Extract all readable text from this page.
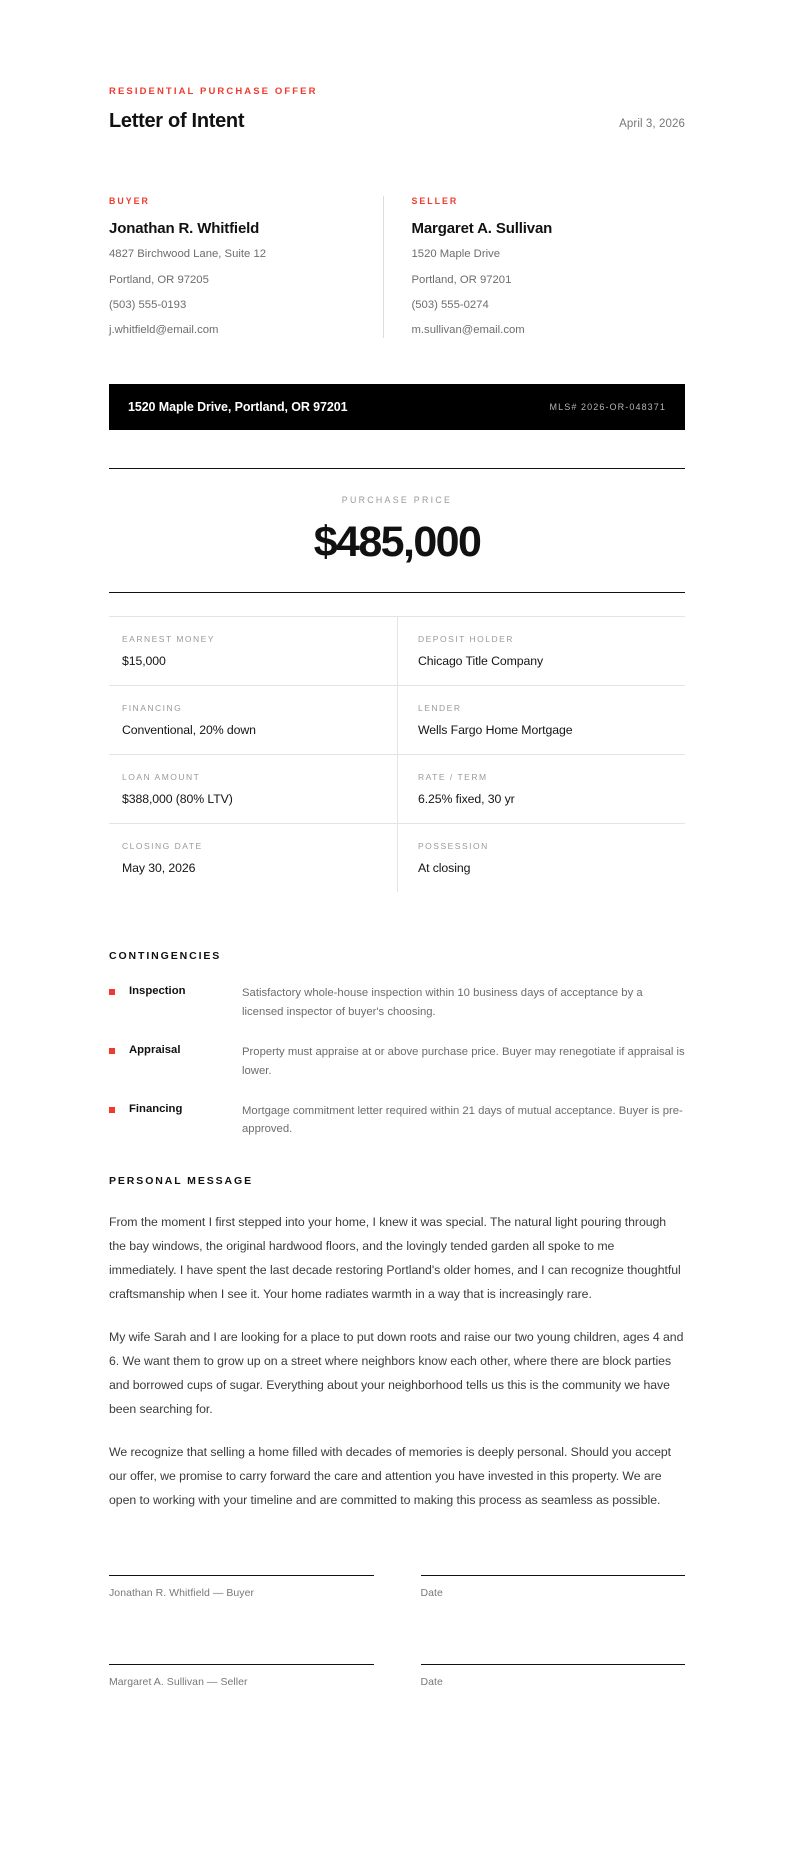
RESIDENTIAL PURCHASE OFFER
Letter of Intent	April 3, 2026
BUYER
Jonathan R. Whitfield
4827 Birchwood Lane, Suite 12
Portland, OR 97205
(503) 555-0193
j.whitfield@email.com
SELLER
Margaret A. Sullivan
1520 Maple Drive
Portland, OR 97201
(503) 555-0274
m.sullivan@email.com
1520 Maple Drive, Portland, OR 97201	MLS# 2026-OR-048371
PURCHASE PRICE
$485,000
EARNEST MONEY
$15,000
DEPOSIT HOLDER
Chicago Title Company
FINANCING
Conventional, 20% down
LENDER
Wells Fargo Home Mortgage
LOAN AMOUNT
$388,000 (80% LTV)
RATE / TERM
6.25% fixed, 30 yr
CLOSING DATE
May 30, 2026
POSSESSION
At closing
CONTINGENCIES
Inspection	Satisfactory whole-house inspection within 10 business days of acceptance by a licensed inspector of buyer's choosing.
Appraisal	Property must appraise at or above purchase price. Buyer may renegotiate if appraisal is lower.
Financing	Mortgage commitment letter required within 21 days of mutual acceptance. Buyer is pre-approved.
PERSONAL MESSAGE

From the moment I first stepped into your home, I knew it was special. The natural light pouring through the bay windows, the original hardwood floors, and the lovingly tended garden all spoke to me immediately. I have spent the last decade restoring Portland's older homes, and I can recognize thoughtful craftsmanship when I see it. Your home radiates warmth in a way that is increasingly rare.

My wife Sarah and I are looking for a place to put down roots and raise our two young children, ages 4 and 6. We want them to grow up on a street where neighbors know each other, where there are block parties and borrowed cups of sugar. Everything about your neighborhood tells us this is the community we have been searching for.

We recognize that selling a home filled with decades of memories is deeply personal. Should you accept our offer, we promise to carry forward the care and attention you have invested in this property. We are open to working with your timeline and are committed to making this process as seamless as possible.

Jonathan R. Whitfield — Buyer	Date
Margaret A. Sullivan — Seller	Date
